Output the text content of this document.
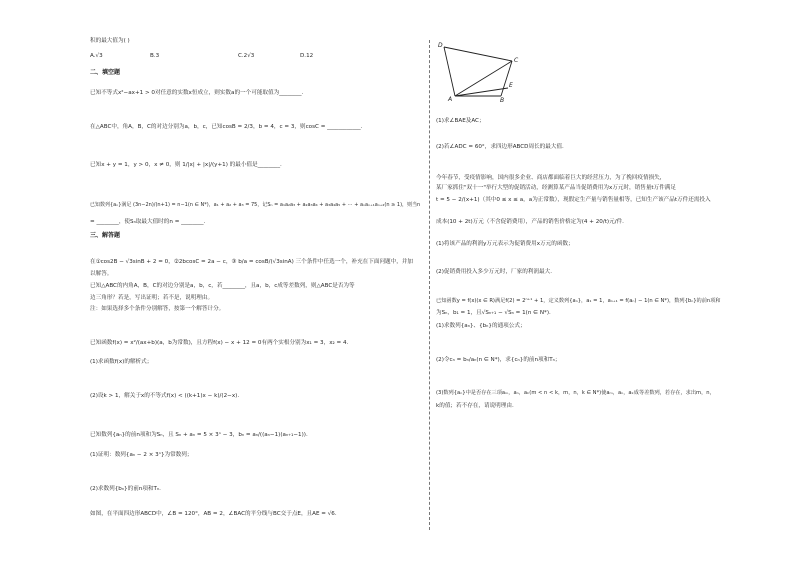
积的最大值为( )
A.√3	B.3	C.2√3	D.12
二、填空题
已知不等式x²−ax+1 > 0对任意的实数x恒成立，则实数a的一个可能取值为________.
在△ABC中，角A，B，C的对边分别为a，b，c，已知cosB = 2/3，b = 4，c = 3，则cosC = ____________.
已知x + y = 1，y > 0，x ≠ 0，则 1/|x| + |x|/(y+1) 的最小值是________.
已知数列{aₙ}满足 (3n−2n)/(n+1) = n−1(n ∈ N*)，a₁ + a₂ + a₃ = 75，记Sₙ = a₁a₂a₃ + a₂a₃a₄ + a₃a₄a₅ + ⋯ + aₙaₙ₊₁aₙ₊₂(n ≥ 1)，则当n
= ________，使Sₙ取最大值时的n = ________.
三、解答题
在①cos2B − √3sinB + 2 = 0，②2bcosC = 2a − c，③ b/a = cosB/(√3sinA) 三个条件中任选一个，补充在下面问题中，并加
以解答。
已知△ABC的内角A，B，C的对边分别是a，b，c，若________，且a，b，c成等差数列，则△ABC是否为等
边三角形？若是，写出证明；若不是，说明理由。
注：如果选择多个条件分别解答，按第一个解答计分。
已知函数f(x) = x²/(ax+b)(a，b为常数)，且方程f(x) − x + 12 = 0有两个实根分别为x₁ = 3，x₂ = 4.
(1)求函数f(x)的解析式；
(2)设k > 1，解关于x的不等式f(x) < ((k+1)x − k)/(2−x).
已知数列{aₙ}的前n项和为Sₙ，且 Sₙ + aₙ = 5 × 3ⁿ − 3，bₙ = aₙ/((aₙ−1)(aₙ₊₁−1)).
(1)证明：数列{aₙ − 2 × 3ⁿ}为常数列；
(2)求数列{bₙ}的前n项和Tₙ.
如图，在平面四边形ABCD中，∠B = 120°，AB = 2，∠BAC的平分线与BC交于点E，且AE = √6.
D
C
E
A	B
(1)求∠BAE及AC；
(2)若∠ADC = 60°，求四边形ABCD周长的最大值.
今年春节，受疫情影响，国内很多企业、商店都面临着巨大的经营压力，为了挽回疫情损失，
某厂家抓住"双十一"举行大型的促销活动，经测算某产品当促销费用为x万元时，销售量t万件满足
t = 5 − 2/(x+1)（其中0 ≤ x ≤ a，a为正常数），现假定生产量与销售量相等，已知生产该产品t万件还需投入
成本(10 + 2t)万元（不含促销费用），产品的销售价格定为(4 + 20/t)元/件.
(1)将该产品的利润y万元表示为促销费用x万元的函数；
(2)促销费用投入多少万元时，厂家的利润最大.
已知函数y = f(x)(x ∈ R)满足f(2) = 2ⁿ⁺¹ + 1，定义数列{aₙ}，a₁ = 1，aₙ₊₁ = f(aₙ) − 1(n ∈ N*)，数列{bₙ}的前n项和
为Sₙ，b₁ = 1，且√Sₙ₊₁ − √Sₙ = 1(n ∈ N*).
(1)求数列{aₙ}、{bₙ}的通项公式；
(2)令cₙ = bₙ/aₙ(n ∈ N*)，求{cₙ}的前n项和Tₙ；
(3)数列{aₙ}中是否存在三项aₘ，aₙ，aₖ(m < n < k，m，n，k ∈ N*)使aₘ，aₙ，aₖ成等差数列，若存在，求出m，n，
k的值；若不存在，请说明理由.
